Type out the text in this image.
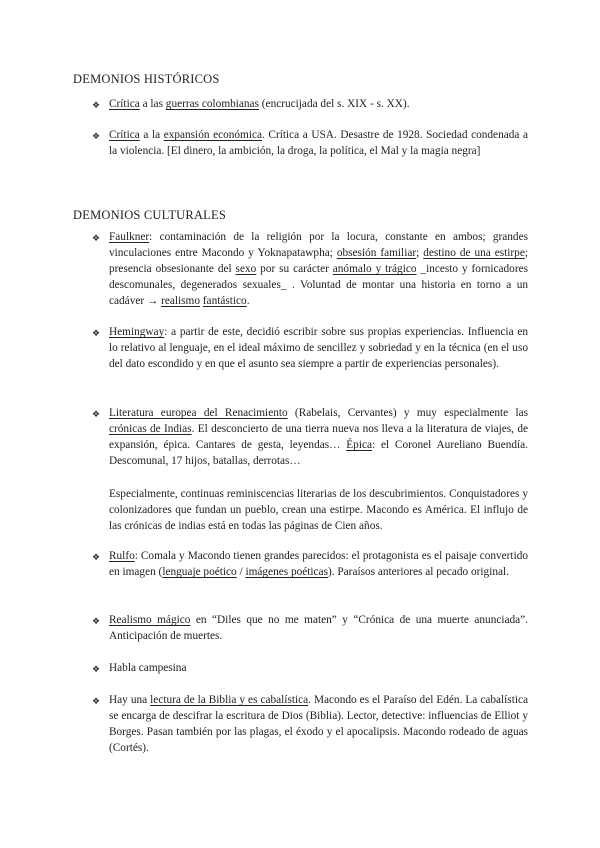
DEMONIOS HISTÓRICOS
❖ Crítica a las guerras colombianas (encrucijada del s. XIX - s. XX).
❖ Crítica a la expansión económica. Crítica a USA. Desastre de 1928. Sociedad condenada a la violencia. [El dinero, la ambición, la droga, la política, el Mal y la magia negra]
DEMONIOS CULTURALES
❖ Faulkner: contaminación de la religión por la locura, constante en ambos; grandes vinculaciones entre Macondo y Yoknapatawpha; obsesión familiar; destino de una estirpe; presencia obsesionante del sexo por su carácter anómalo y trágico _incesto y fornicadores descomunales, degenerados sexuales_ . Voluntad de montar una historia en torno a un cadáver → realismo fantástico.
❖ Hemingway: a partir de este, decidió escribir sobre sus propias experiencias. Influencia en lo relativo al lenguaje, en el ideal máximo de sencillez y sobriedad y en la técnica (en el uso del dato escondido y en que el asunto sea siempre a partir de experiencias personales).
❖ Literatura europea del Renacimiento (Rabelais, Cervantes) y muy especialmente las crónicas de Indias. El desconcierto de una tierra nueva nos lleva a la literatura de viajes, de expansión, épica. Cantares de gesta, leyendas… Épica: el Coronel Aureliano Buendía. Descomunal, 17 hijos, batallas, derrotas…
Especialmente, continuas reminiscencias literarias de los descubrimientos. Conquistadores y colonizadores que fundan un pueblo, crean una estirpe. Macondo es América. El influjo de las crónicas de indias está en todas las páginas de Cien años.
❖ Rulfo: Comala y Macondo tienen grandes parecidos: el protagonista es el paisaje convertido en imagen (lenguaje poético / imágenes poéticas). Paraísos anteriores al pecado original.
❖ Realismo mágico en “Diles que no me maten” y “Crónica de una muerte anunciada”. Anticipación de muertes.
❖ Habla campesina
❖ Hay una lectura de la Biblia y es cabalística. Macondo es el Paraíso del Edén. La cabalística se encarga de descifrar la escritura de Dios (Biblia). Lector, detective: influencias de Elliot y Borges. Pasan también por las plagas, el éxodo y el apocalipsis. Macondo rodeado de aguas (Cortés).
